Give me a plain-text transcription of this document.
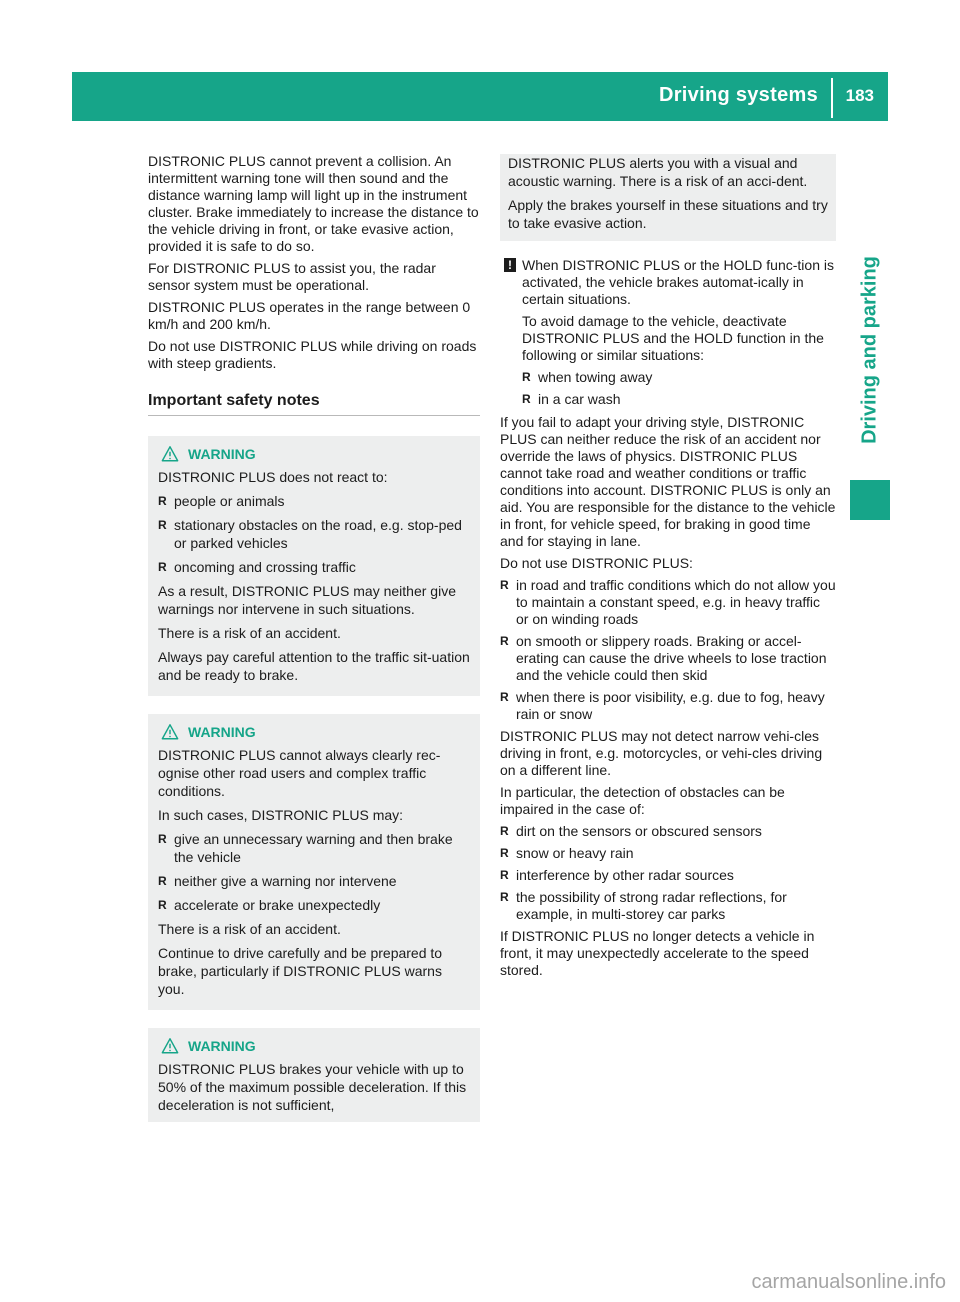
Driving systems 183
Driving and parking

DISTRONIC PLUS cannot prevent a collision. An intermittent warning tone will then sound and the distance warning lamp will light up in the instrument cluster. Brake immediately to increase the distance to the vehicle driving in front, or take evasive action, provided it is safe to do so.

For DISTRONIC PLUS to assist you, the radar sensor system must be operational.

DISTRONIC PLUS operates in the range between 0 km/h and 200 km/h.

Do not use DISTRONIC PLUS while driving on roads with steep gradients.

Important safety notes
WARNING

DISTRONIC PLUS does not react to:

R people or animals
R stationary obstacles on the road, e.g. stop-ped or parked vehicles
R oncoming and crossing traffic

As a result, DISTRONIC PLUS may neither give warnings nor intervene in such situations.

There is a risk of an accident.

Always pay careful attention to the traffic sit-uation and be ready to brake.

WARNING

DISTRONIC PLUS cannot always clearly rec-ognise other road users and complex traffic conditions.

In such cases, DISTRONIC PLUS may:

R give an unnecessary warning and then brake the vehicle
R neither give a warning nor intervene
R accelerate or brake unexpectedly

There is a risk of an accident.

Continue to drive carefully and be prepared to brake, particularly if DISTRONIC PLUS warns you.

WARNING

DISTRONIC PLUS brakes your vehicle with up to 50% of the maximum possible deceleration. If this deceleration is not sufficient,

DISTRONIC PLUS alerts you with a visual and acoustic warning. There is a risk of an acci-dent.

Apply the brakes yourself in these situations and try to take evasive action.

! When DISTRONIC PLUS or the HOLD func-tion is activated, the vehicle brakes automat-ically in certain situations.

To avoid damage to the vehicle, deactivate DISTRONIC PLUS and the HOLD function in the following or similar situations:

R when towing away
R in a car wash

If you fail to adapt your driving style, DISTRONIC PLUS can neither reduce the risk of an accident nor override the laws of physics. DISTRONIC PLUS cannot take road and weather conditions or traffic conditions into account. DISTRONIC PLUS is only an aid. You are responsible for the distance to the vehicle in front, for vehicle speed, for braking in good time and for staying in lane.

Do not use DISTRONIC PLUS:

R in road and traffic conditions which do not allow you to maintain a constant speed, e.g. in heavy traffic or on winding roads
R on smooth or slippery roads. Braking or accel-erating can cause the drive wheels to lose traction and the vehicle could then skid
R when there is poor visibility, e.g. due to fog, heavy rain or snow

DISTRONIC PLUS may not detect narrow vehi-cles driving in front, e.g. motorcycles, or vehi-cles driving on a different line.

In particular, the detection of obstacles can be impaired in the case of:

R dirt on the sensors or obscured sensors
R snow or heavy rain
R interference by other radar sources
R the possibility of strong radar reflections, for example, in multi-storey car parks

If DISTRONIC PLUS no longer detects a vehicle in front, it may unexpectedly accelerate to the speed stored.

carmanualsonline.info
